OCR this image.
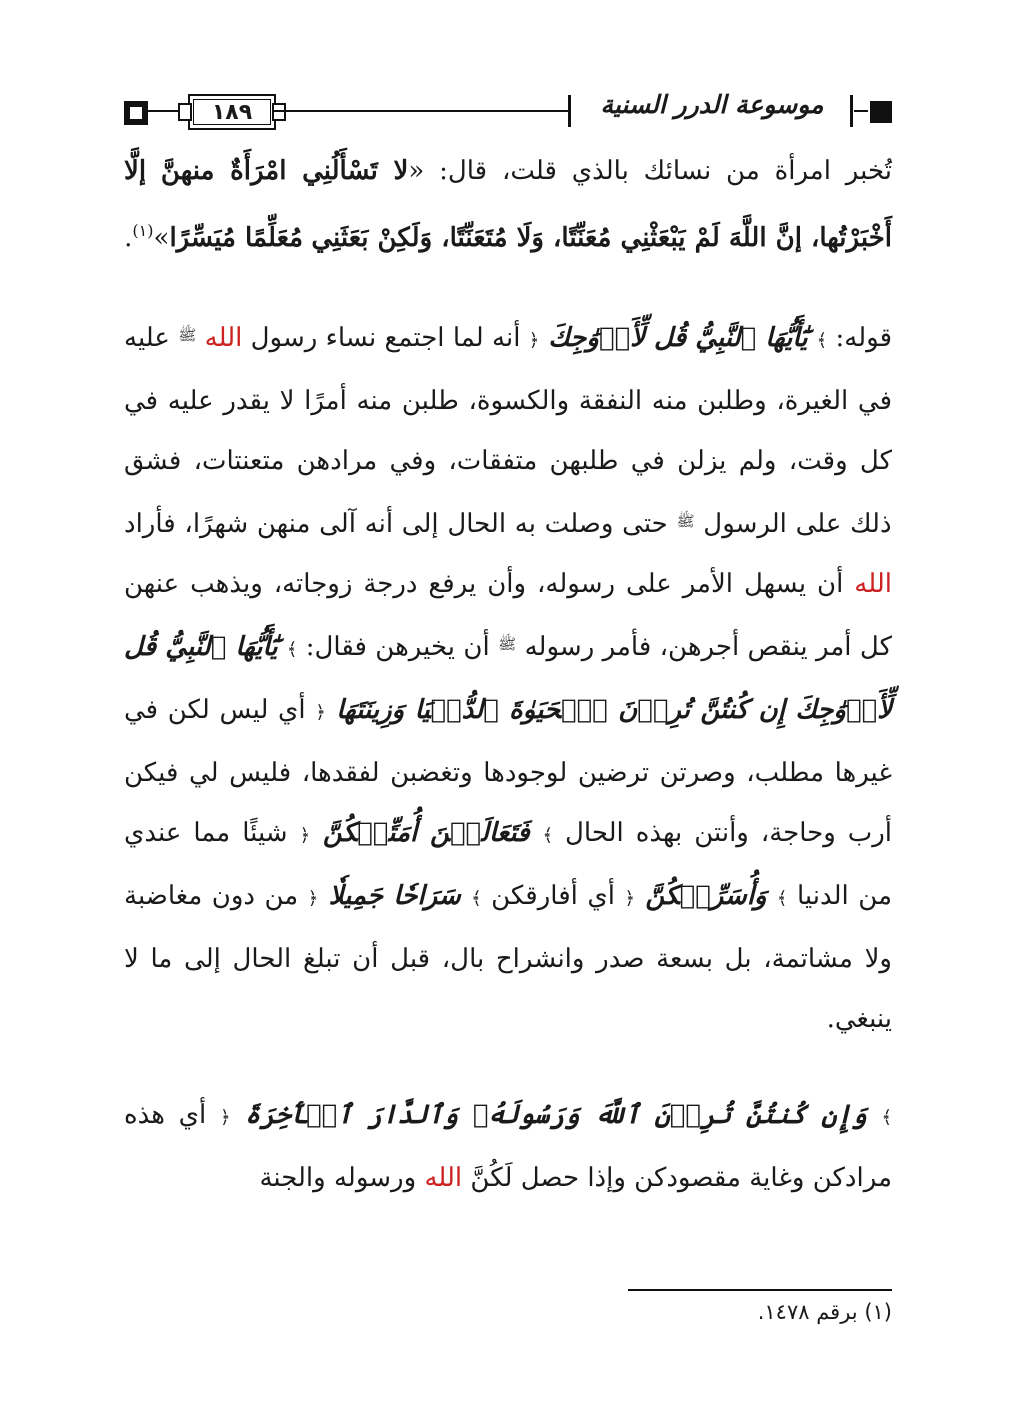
١٨٩	موسوعة الدرر السنية

تُخبر امرأة من نسائك بالذي قلت، قال: «لا تَسْأَلُنِي امْرَأَةٌ منهنَّ إلَّا أَخْبَرْتُها، إنَّ اللَّهَ لَمْ يَبْعَثْنِي مُعَنِّتًا، وَلَا مُتَعَنِّتًا، وَلَكِنْ بَعَثَنِي مُعَلِّمًا مُيَسِّرًا»$^{(١)}$.

قوله: ﴾ يَٰٓأَيُّهَا ٱلنَّبِيُّ قُل لِّأَزۡوَٰجِكَ ﴿ أنه لما اجتمع نساء رسول الله $^ﷺ$ عليه في الغيرة، وطلبن منه النفقة والكسوة، طلبن منه أمرًا لا يقدر عليه في كل وقت، ولم يزلن في طلبهن متفقات، وفي مرادهن متعنتات، فشق ذلك على الرسول $^ﷺ$ حتى وصلت به الحال إلى أنه آلى منهن شهرًا، فأراد الله أن يسهل الأمر على رسوله، وأن يرفع درجة زوجاته، ويذهب عنهن كل أمر ينقص أجرهن، فأمر رسوله $^ﷺ$ أن يخيرهن فقال: ﴾ يَٰٓأَيُّهَا ٱلنَّبِيُّ قُل لِّأَزۡوَٰجِكَ إِن كُنتُنَّ تُرِدۡنَ ٱلۡحَيَوٰةَ ٱلدُّنۡيَا وَزِينَتَهَا ﴿ أي ليس لكن في غيرها مطلب، وصرتن ترضين لوجودها وتغضبن لفقدها، فليس لي فيكن أرب وحاجة، وأنتن بهذه الحال ﴾ فَتَعَالَيۡنَ أُمَتِّعۡكُنَّ ﴿ شيئًا مما عندي من الدنيا ﴾ وَأُسَرِّحۡكُنَّ ﴿ أي أفارقكن ﴾ سَرَاحٗا جَمِيلٗا ﴿ من دون مغاضبة ولا مشاتمة، بل بسعة صدر وانشراح بال، قبل أن تبلغ الحال إلى ما لا ينبغي.

﴾ وَإِن كُنتُنَّ تُرِدۡنَ ٱللَّهَ وَرَسُولَهُۥ وَٱلدَّارَ ٱلۡأٓخِرَةَ ﴿ أي هذه مرادكن وغاية مقصودكن وإذا حصل لَكُنَّ الله ورسوله والجنة

(١) برقم ١٤٧٨.
